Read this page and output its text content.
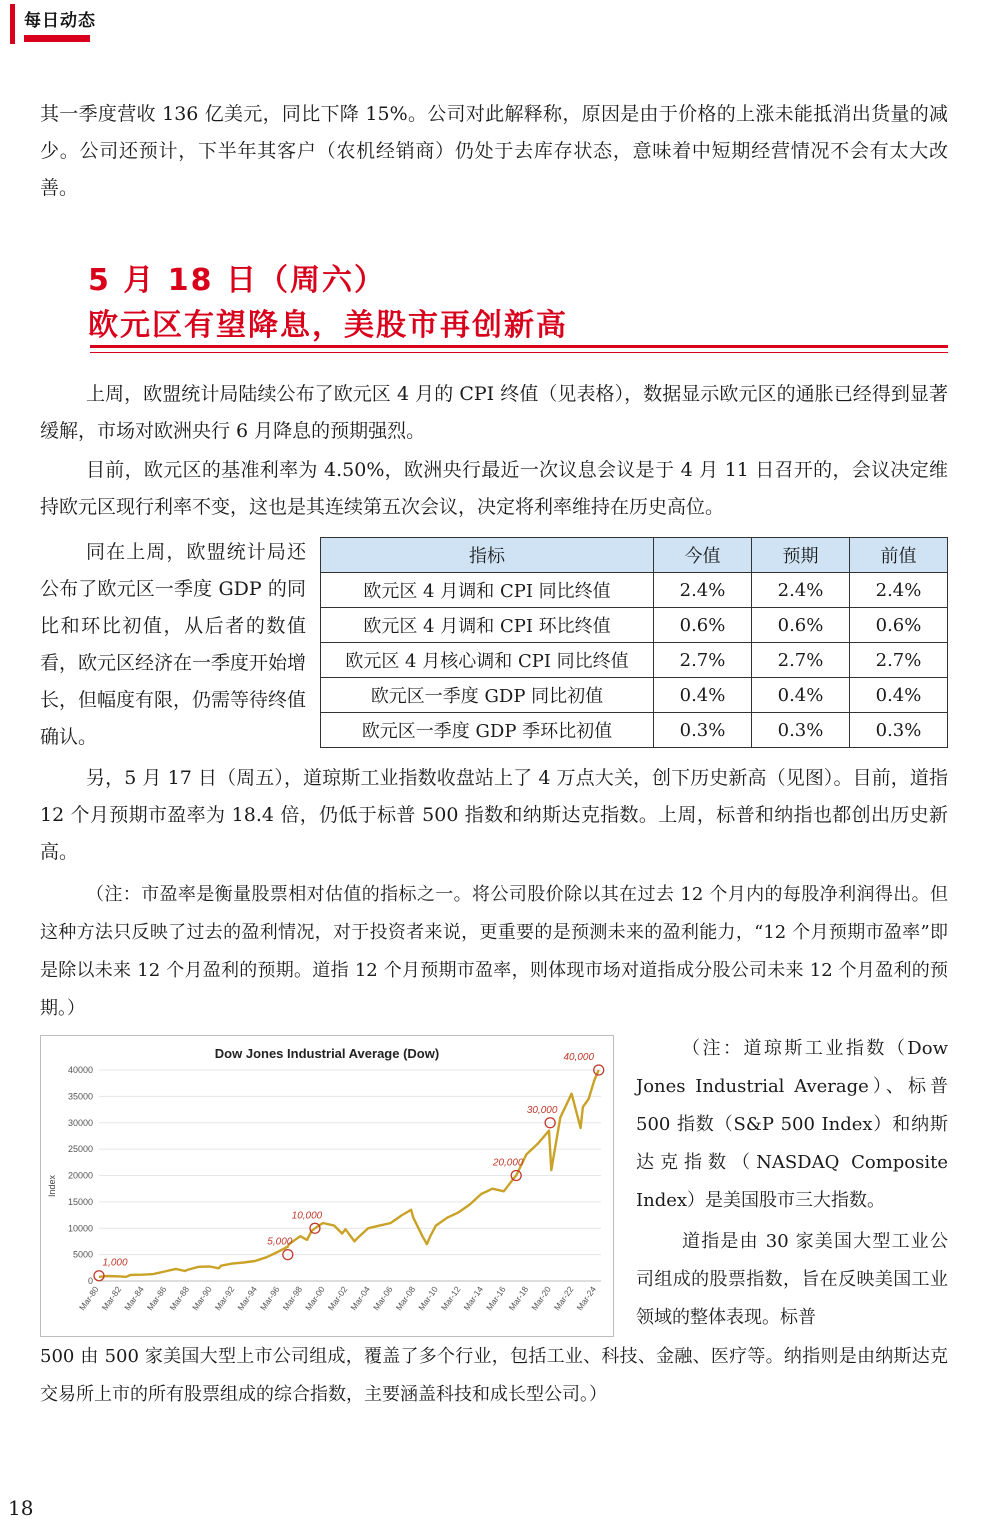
每日动态

其一季度营收 136 亿美元，同比下降 15%。公司对此解释称，原因是由于价格的上涨未能抵消出货量的减少。公司还预计，下半年其客户（农机经销商）仍处于去库存状态，意味着中短期经营情况不会有太大改善。

5 月 18 日（周六）
欧元区有望降息，美股市再创新高

上周，欧盟统计局陆续公布了欧元区 4 月的 CPI 终值（见表格），数据显示欧元区的通胀已经得到显著缓解，市场对欧洲央行 6 月降息的预期强烈。

目前，欧元区的基准利率为 4.50%，欧洲央行最近一次议息会议是于 4 月 11 日召开的，会议决定维持欧元区现行利率不变，这也是其连续第五次会议，决定将利率维持在历史高位。

同在上周，欧盟统计局还公布了欧元区一季度 GDP 的同比和环比初值，从后者的数值看，欧元区经济在一季度开始增长，但幅度有限，仍需等待终值确认。

指标	今值	预期	前值
欧元区 4 月调和 CPI 同比终值	2.4%	2.4%	2.4%
欧元区 4 月调和 CPI 环比终值	0.6%	0.6%	0.6%
欧元区 4 月核心调和 CPI 同比终值	2.7%	2.7%	2.7%
欧元区一季度 GDP 同比初值	0.4%	0.4%	0.4%
欧元区一季度 GDP 季环比初值	0.3%	0.3%	0.3%

另，5 月 17 日（周五），道琼斯工业指数收盘站上了 4 万点大关，创下历史新高（见图）。目前，道指 12 个月预期市盈率为 18.4 倍，仍低于标普 500 指数和纳斯达克指数。上周，标普和纳指也都创出历史新高。

（注：市盈率是衡量股票相对估值的指标之一。将公司股价除以其在过去 12 个月内的每股净利润得出。但这种方法只反映了过去的盈利情况，对于投资者来说，更重要的是预测未来的盈利能力，“12 个月预期市盈率”即是除以未来 12 个月盈利的预期。道指 12 个月预期市盈率，则体现市场对道指成分股公司未来 12 个月盈利的预期。）

Dow Jones Industrial Average (Dow)
Index
0
5000
10000
15000
20000
25000
30000
35000
40000
Mar-80
Mar-82
Mar-84
Mar-86
Mar-88
Mar-90
Mar-92
Mar-94
Mar-96
Mar-98
Mar-00
Mar-02
Mar-04
Mar-06
Mar-08
Mar-10
Mar-12
Mar-14
Mar-16
Mar-18
Mar-20
Mar-22
Mar-24
1,000
5,000
10,000
20,000
30,000
40,000	（注：道琼斯工业指数（Dow Jones Industrial Average）、标普 500 指数（S&P 500 Index）和纳斯达克指数（NASDAQ Composite Index）是美国股市三大指数。

道指是由 30 家美国大型工业公司组成的股票指数，旨在反映美国工业领域的整体表现。标普

500 由 500 家美国大型上市公司组成，覆盖了多个行业，包括工业、科技、金融、医疗等。纳指则是由纳斯达克交易所上市的所有股票组成的综合指数，主要涵盖科技和成长型公司。）

18
